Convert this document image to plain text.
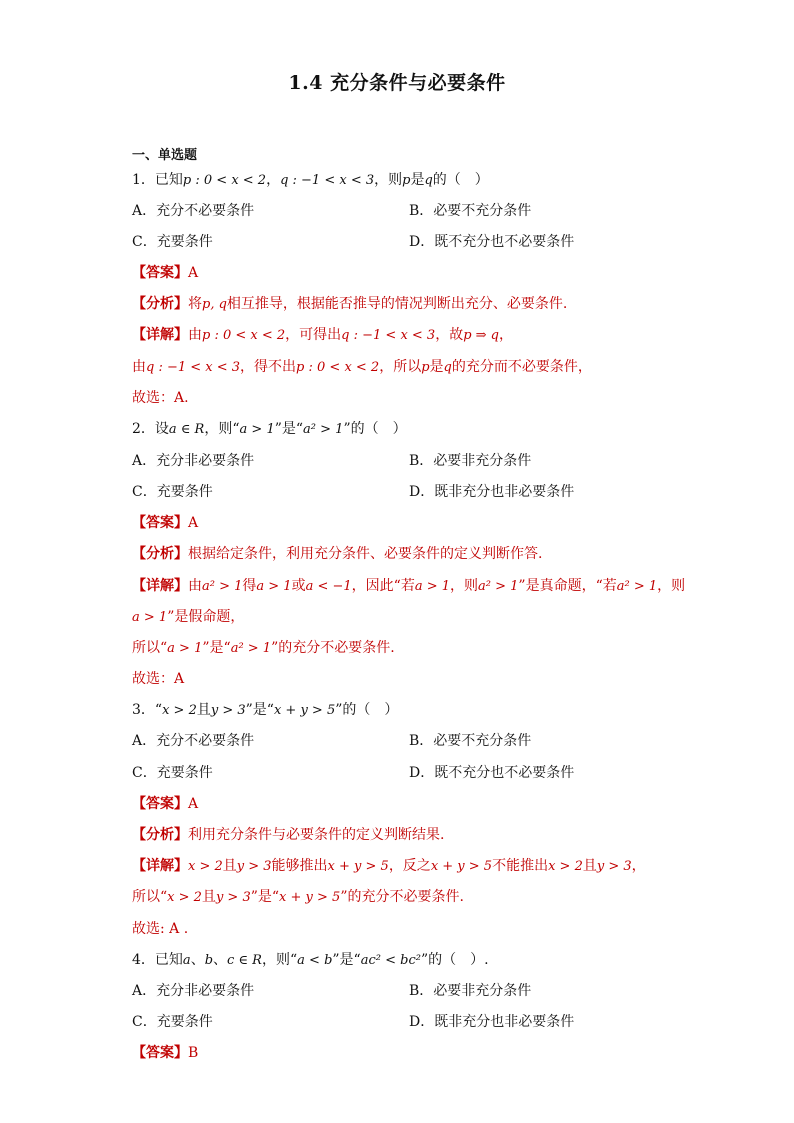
1.4 充分条件与必要条件
一、单选题
1．已知p : 0 < x < 2，q : −1 < x < 3，则p是q的（　）
A．充分不必要条件	B．必要不充分条件
C．充要条件	D．既不充分也不必要条件
【答案】A
【分析】将p, q相互推导，根据能否推导的情况判断出充分、必要条件.
【详解】由p : 0 < x < 2，可得出q : −1 < x < 3，故p ⇒ q，
由q : −1 < x < 3，得不出p : 0 < x < 2，所以p是q的充分而不必要条件，
故选：A.
2．设a ∈ R，则“a > 1”是“a² > 1”的（　）
A．充分非必要条件	B．必要非充分条件
C．充要条件	D．既非充分也非必要条件
【答案】A
【分析】根据给定条件，利用充分条件、必要条件的定义判断作答.
【详解】由a² > 1得a > 1或a < −1，因此“若a > 1，则a² > 1”是真命题，“若a² > 1，则
a > 1”是假命题，
所以“a > 1”是“a² > 1”的充分不必要条件.
故选：A
3．“x > 2且y > 3”是“x + y > 5”的（　）
A．充分不必要条件	B．必要不充分条件
C．充要条件	D．既不充分也不必要条件
【答案】A
【分析】利用充分条件与必要条件的定义判断结果.
【详解】x > 2且y > 3能够推出x + y > 5，反之x + y > 5不能推出x > 2且y > 3，
所以“x > 2且y > 3”是“x + y > 5”的充分不必要条件.
故选: A .
4．已知a、b、c ∈ R，则“a < b”是“ac² < bc²”的（　）.
A．充分非必要条件	B．必要非充分条件
C．充要条件	D．既非充分也非必要条件
【答案】B
